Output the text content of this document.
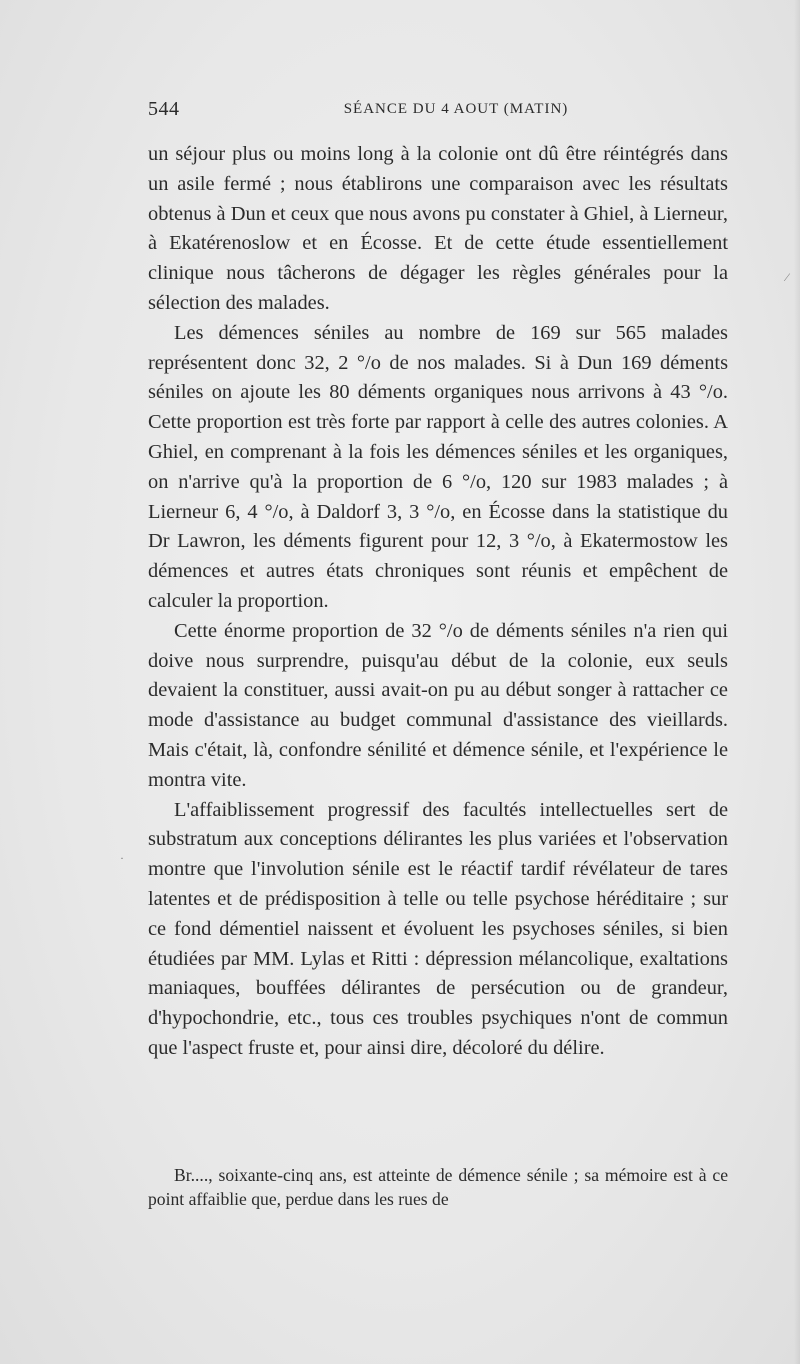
544	SÉANCE DU 4 AOUT (MATIN)

un séjour plus ou moins long à la colonie ont dû être réintégrés dans un asile fermé ; nous établirons une comparaison avec les résultats obtenus à Dun et ceux que nous avons pu constater à Ghiel, à Lierneur, à Ekatérenoslow et en Écosse. Et de cette étude essentiellement clinique nous tâcherons de dégager les règles générales pour la sélection des malades.

Les démences séniles au nombre de 169 sur 565 malades représentent donc 32, 2 °/o de nos malades. Si à Dun 169 déments séniles on ajoute les 80 déments organiques nous arrivons à 43 °/o. Cette proportion est très forte par rapport à celle des autres colonies. A Ghiel, en comprenant à la fois les démences séniles et les organiques, on n'arrive qu'à la proportion de 6 °/o, 120 sur 1983 malades ; à Lierneur 6, 4 °/o, à Daldorf 3, 3 °/o, en Écosse dans la statistique du Dr Lawron, les déments figurent pour 12, 3 °/o, à Ekatermostow les démences et autres états chroniques sont réunis et empêchent de calculer la proportion.

Cette énorme proportion de 32 °/o de déments séniles n'a rien qui doive nous surprendre, puisqu'au début de la colonie, eux seuls devaient la constituer, aussi avait-on pu au début songer à rattacher ce mode d'assistance au budget communal d'assistance des vieillards. Mais c'était, là, confondre sénilité et démence sénile, et l'expérience le montra vite.

L'affaiblissement progressif des facultés intellectuelles sert de substratum aux conceptions délirantes les plus variées et l'observation montre que l'involution sénile est le réactif tardif révélateur de tares latentes et de prédisposition à telle ou telle psychose héréditaire ; sur ce fond démentiel naissent et évoluent les psychoses séniles, si bien étudiées par MM. Lylas et Ritti : dépression mélancolique, exaltations maniaques, bouffées délirantes de persécution ou de grandeur, d'hypochondrie, etc., tous ces troubles psychiques n'ont de commun que l'aspect fruste et, pour ainsi dire, décoloré du délire.

Br...., soixante-cinq ans, est atteinte de démence sénile ; sa mémoire est à ce point affaiblie que, perdue dans les rues de

⁄
·
